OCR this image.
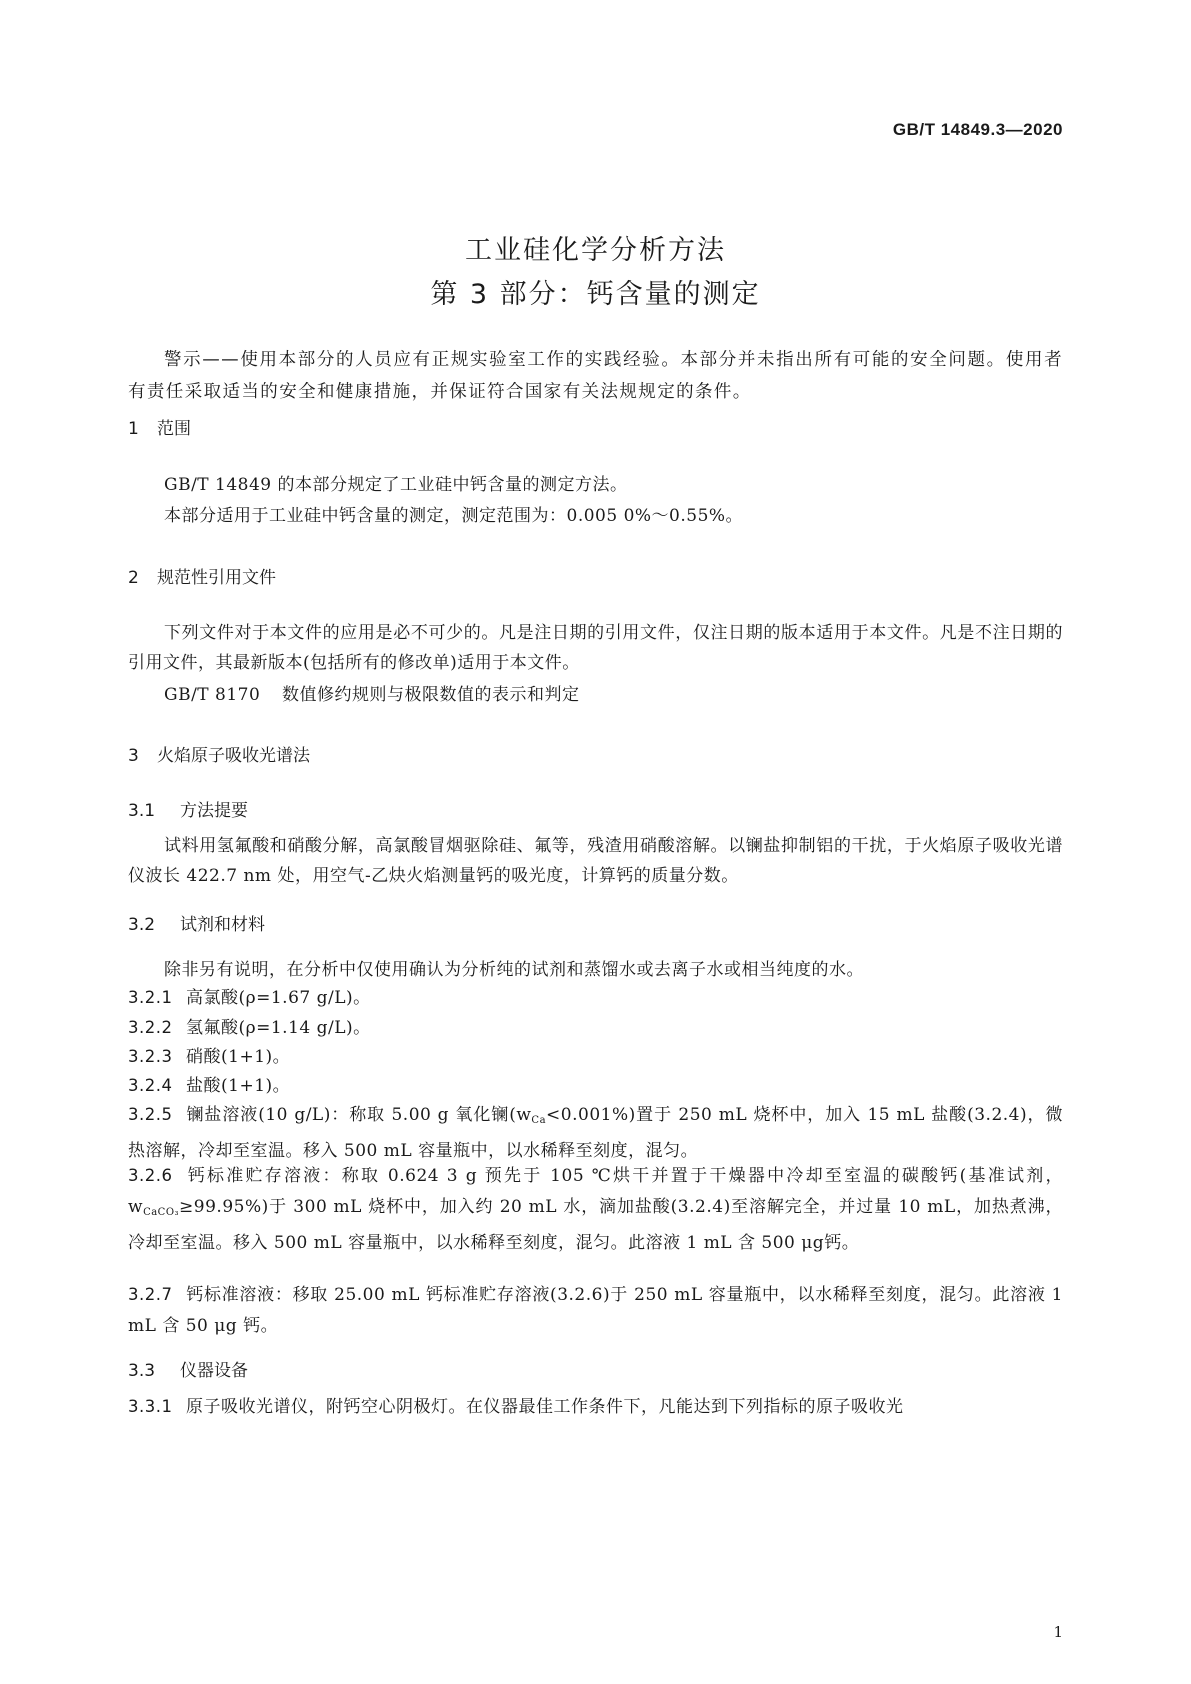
GB/T 14849.3—2020
工业硅化学分析方法
第 3 部分：钙含量的测定
警示——使用本部分的人员应有正规实验室工作的实践经验。本部分并未指出所有可能的安全问题。使用者有责任采取适当的安全和健康措施，并保证符合国家有关法规规定的条件。
1 范围
GB/T 14849 的本部分规定了工业硅中钙含量的测定方法。
本部分适用于工业硅中钙含量的测定，测定范围为：0.005 0%～0.55%。
2 规范性引用文件
下列文件对于本文件的应用是必不可少的。凡是注日期的引用文件，仅注日期的版本适用于本文件。凡是不注日期的引用文件，其最新版本(包括所有的修改单)适用于本文件。
GB/T 8170 数值修约规则与极限数值的表示和判定
3 火焰原子吸收光谱法
3.1 方法提要
试料用氢氟酸和硝酸分解，高氯酸冒烟驱除硅、氟等，残渣用硝酸溶解。以镧盐抑制铝的干扰，于火焰原子吸收光谱仪波长 422.7 nm 处，用空气-乙炔火焰测量钙的吸光度，计算钙的质量分数。
3.2 试剂和材料
除非另有说明，在分析中仅使用确认为分析纯的试剂和蒸馏水或去离子水或相当纯度的水。
3.2.1 高氯酸(ρ=1.67 g/L)。
3.2.2 氢氟酸(ρ=1.14 g/L)。
3.2.3 硝酸(1+1)。
3.2.4 盐酸(1+1)。
3.2.5 镧盐溶液(10 g/L)：称取 5.00 g 氧化镧$(w_{Ca}<0.001\%)$置于 250 mL 烧杯中，加入 15 mL 盐酸(3.2.4)，微热溶解，冷却至室温。移入 500 mL 容量瓶中，以水稀释至刻度，混匀。
3.2.6 钙标准贮存溶液：称取 0.624 3 g 预先于 105 ℃烘干并置于干燥器中冷却至室温的碳酸钙(基准试剂，$w_{CaCO_3}\ge 99.95\%$)于 300 mL 烧杯中，加入约 20 mL 水，滴加盐酸(3.2.4)至溶解完全，并过量 10 mL，加热煮沸，冷却至室温。移入 500 mL 容量瓶中，以水稀释至刻度，混匀。此溶液 1 mL 含 500 μg钙。
3.2.7 钙标准溶液：移取 25.00 mL 钙标准贮存溶液(3.2.6)于 250 mL 容量瓶中，以水稀释至刻度，混匀。此溶液 1 mL 含 50 μg 钙。
3.3 仪器设备
3.3.1 原子吸收光谱仪，附钙空心阴极灯。在仪器最佳工作条件下，凡能达到下列指标的原子吸收光
1
